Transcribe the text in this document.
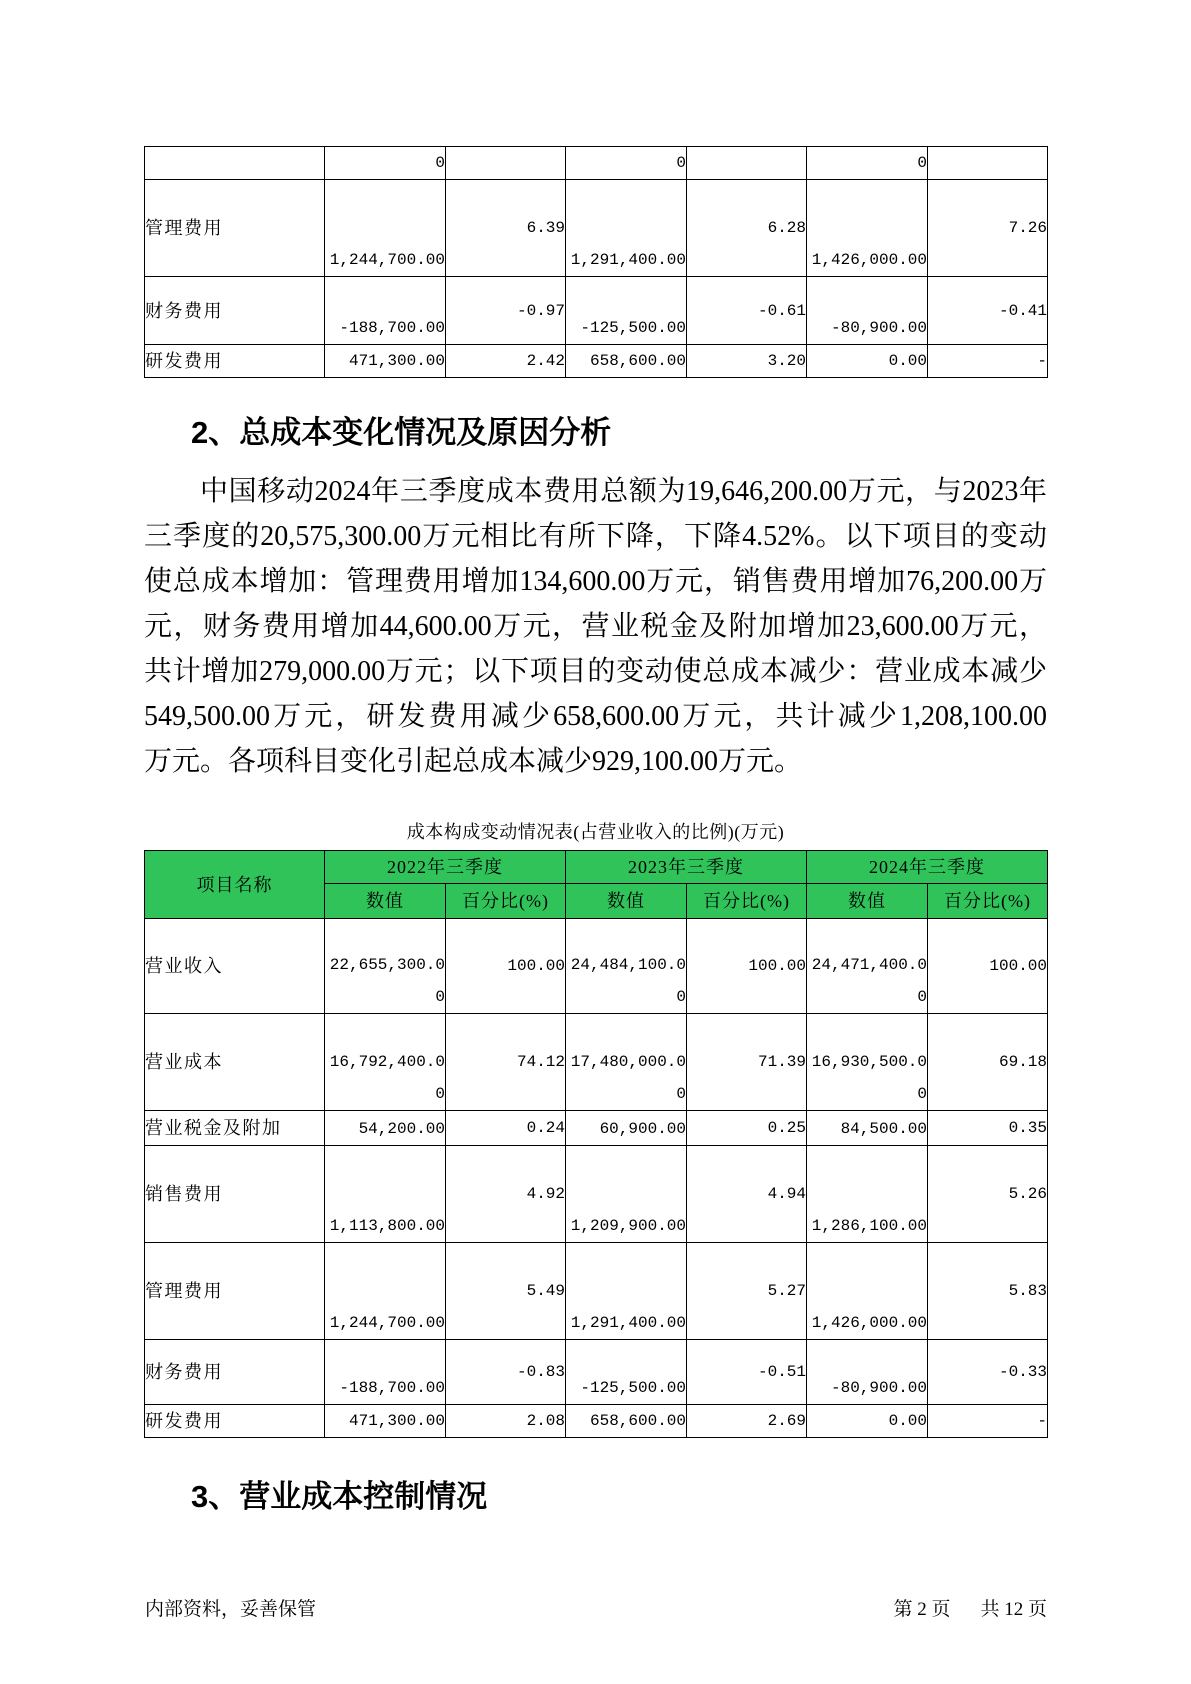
	0		0		0	
管理费用	1,244,700.00	6.39	1,291,400.00	6.28	1,426,000.00	7.26
财务费用	-188,700.00	-0.97	-125,500.00	-0.61	-80,900.00	-0.41
研发费用	471,300.00	2.42	658,600.00	3.20	0.00	-
2、总成本变化情况及原因分析
中国移动2024年三季度成本费用总额为19,646,200.00万元，与2023年
三季度的20,575,300.00万元相比有所下降，下降4.52%。以下项目的变动
使总成本增加：管理费用增加134,600.00万元，销售费用增加76,200.00万
元，财务费用增加44,600.00万元，营业税金及附加增加23,600.00万元，
共计增加279,000.00万元；以下项目的变动使总成本减少：营业成本减少
549,500.00万元，研发费用减少658,600.00万元，共计减少1,208,100.00
万元。各项科目变化引起总成本减少929,100.00万元。
成本构成变动情况表(占营业收入的比例)(万元)
项目名称	2022年三季度		2023年三季度		2024年三季度	
	数值	百分比(%)	数值	百分比(%)	数值	百分比(%)
营业收入	22,655,300.00	100.00	24,484,100.00	100.00	24,471,400.00	100.00
营业成本	16,792,400.00	74.12	17,480,000.00	71.39	16,930,500.00	69.18
营业税金及附加	54,200.00	0.24	60,900.00	0.25	84,500.00	0.35
销售费用	1,113,800.00	4.92	1,209,900.00	4.94	1,286,100.00	5.26
管理费用	1,244,700.00	5.49	1,291,400.00	5.27	1,426,000.00	5.83
财务费用	-188,700.00	-0.83	-125,500.00	-0.51	-80,900.00	-0.33
研发费用	471,300.00	2.08	658,600.00	2.69	0.00	-
3、营业成本控制情况
内部资料，妥善保管	第 2 页 共 12 页
